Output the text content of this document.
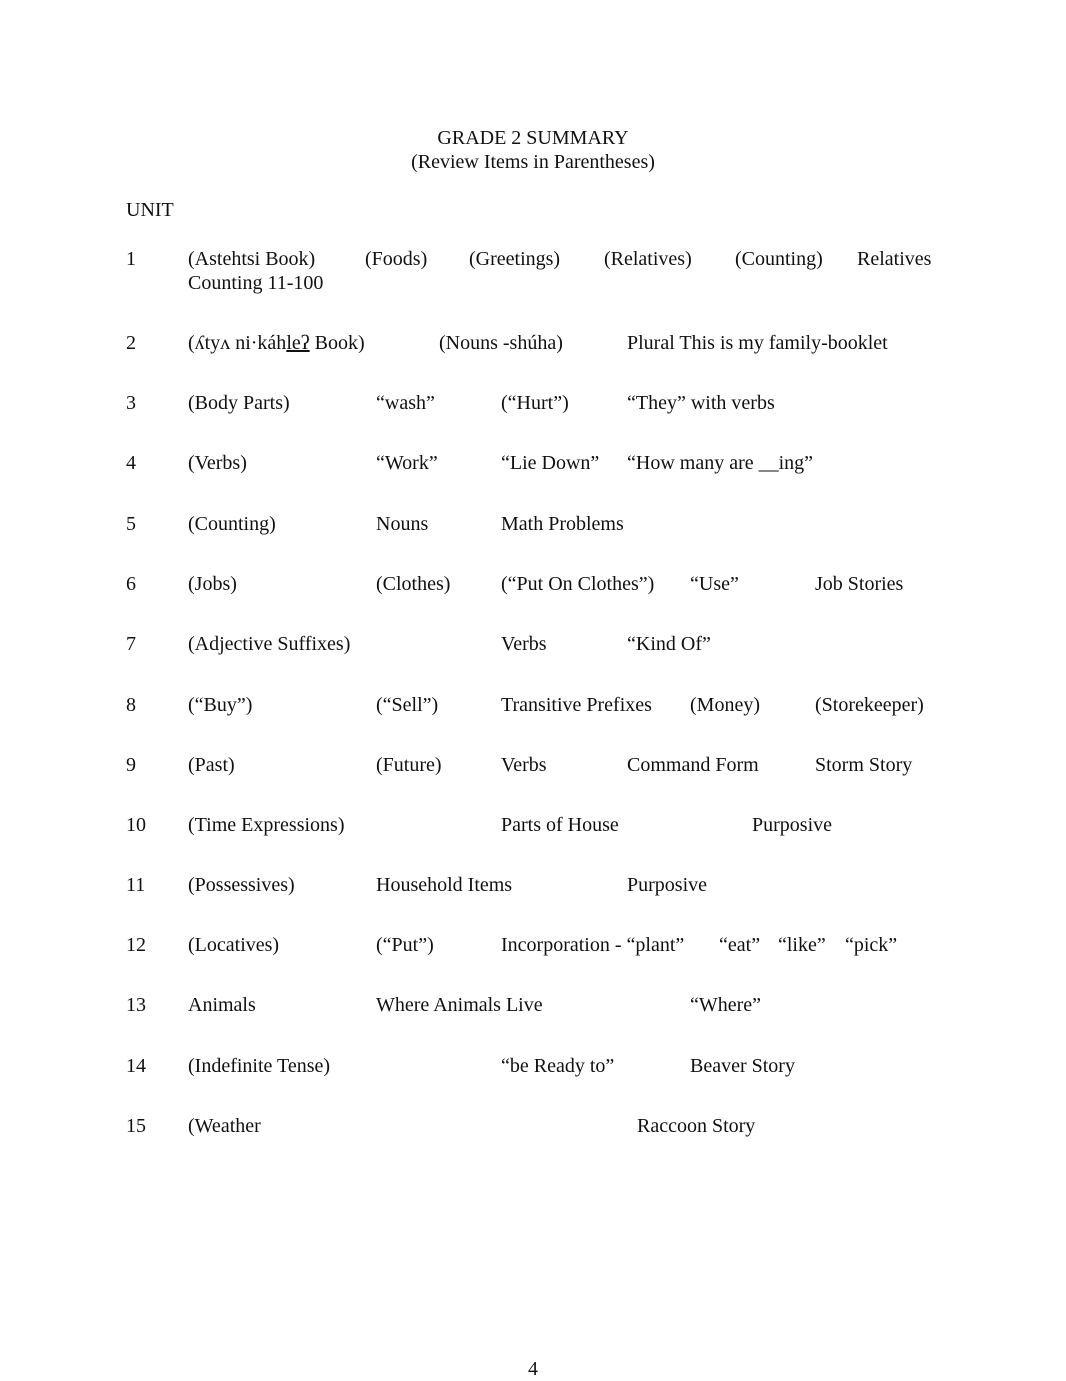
GRADE 2 SUMMARY
(Review Items in Parentheses)
UNIT
1	(Astehtsi Book) (Foods) (Greetings) (Relatives) (Counting) Relatives
Counting 11-100
2	(ʎtyʌ ni·káhleʔ Book)	(Nouns -shúha)	Plural This is my family-booklet
3	(Body Parts)	“wash”	(“Hurt”)	“They” with verbs
4	(Verbs)	“Work”	“Lie Down” “How many are __ing”
5	(Counting)	Nouns	Math Problems
6	(Jobs)	(Clothes)	(“Put On Clothes”) “Use”	Job Stories
7	(Adjective Suffixes)	Verbs	“Kind Of”
8	(“Buy”)	(“Sell”)	Transitive Prefixes (Money)	(Storekeeper)
9	(Past)	(Future)	Verbs	Command Form	Storm Story
10 (Time Expressions)	Parts of House	Purposive
11 (Possessives)	Household Items	Purposive
12 (Locatives)	(“Put”)	Incorporation - “plant” “eat” “like” “pick”
13 Animals	Where Animals Live	“Where”
14 (Indefinite Tense)	“be Ready to”	Beaver Story
15 (Weather	Raccoon Story
4
